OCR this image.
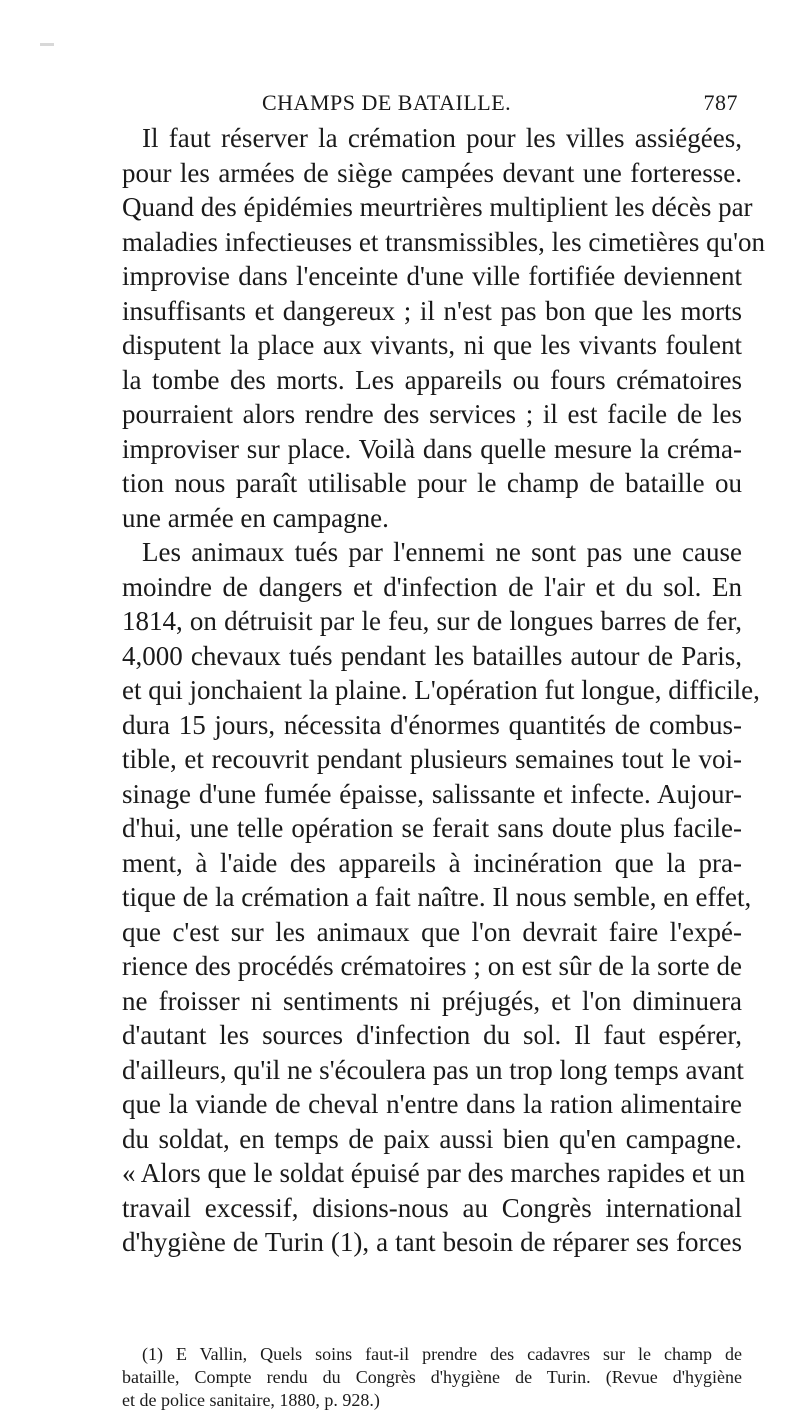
CHAMPS DE BATAILLE.	787
Il faut réserver la crémation pour les villes assiégées,
pour les armées de siège campées devant une forteresse.
Quand des épidémies meurtrières multiplient les décès par
maladies infectieuses et transmissibles, les cimetières qu'on
improvise dans l'enceinte d'une ville fortifiée deviennent
insuffisants et dangereux ; il n'est pas bon que les morts
disputent la place aux vivants, ni que les vivants foulent
la tombe des morts. Les appareils ou fours crématoires
pourraient alors rendre des services ; il est facile de les
improviser sur place. Voilà dans quelle mesure la créma-
tion nous paraît utilisable pour le champ de bataille ou
une armée en campagne.
Les animaux tués par l'ennemi ne sont pas une cause
moindre de dangers et d'infection de l'air et du sol. En
1814, on détruisit par le feu, sur de longues barres de fer,
4,000 chevaux tués pendant les batailles autour de Paris,
et qui jonchaient la plaine. L'opération fut longue, difficile,
dura 15 jours, nécessita d'énormes quantités de combus-
tible, et recouvrit pendant plusieurs semaines tout le voi-
sinage d'une fumée épaisse, salissante et infecte. Aujour-
d'hui, une telle opération se ferait sans doute plus facile-
ment, à l'aide des appareils à incinération que la pra-
tique de la crémation a fait naître. Il nous semble, en effet,
que c'est sur les animaux que l'on devrait faire l'expé-
rience des procédés crématoires ; on est sûr de la sorte de
ne froisser ni sentiments ni préjugés, et l'on diminuera
d'autant les sources d'infection du sol. Il faut espérer,
d'ailleurs, qu'il ne s'écoulera pas un trop long temps avant
que la viande de cheval n'entre dans la ration alimentaire
du soldat, en temps de paix aussi bien qu'en campagne.
« Alors que le soldat épuisé par des marches rapides et un
travail excessif, disions-nous au Congrès international
d'hygiène de Turin (1), a tant besoin de réparer ses forces
(1) E Vallin, Quels soins faut-il prendre des cadavres sur le champ de
bataille, Compte rendu du Congrès d'hygiène de Turin. (Revue d'hygiène
et de police sanitaire, 1880, p. 928.)
